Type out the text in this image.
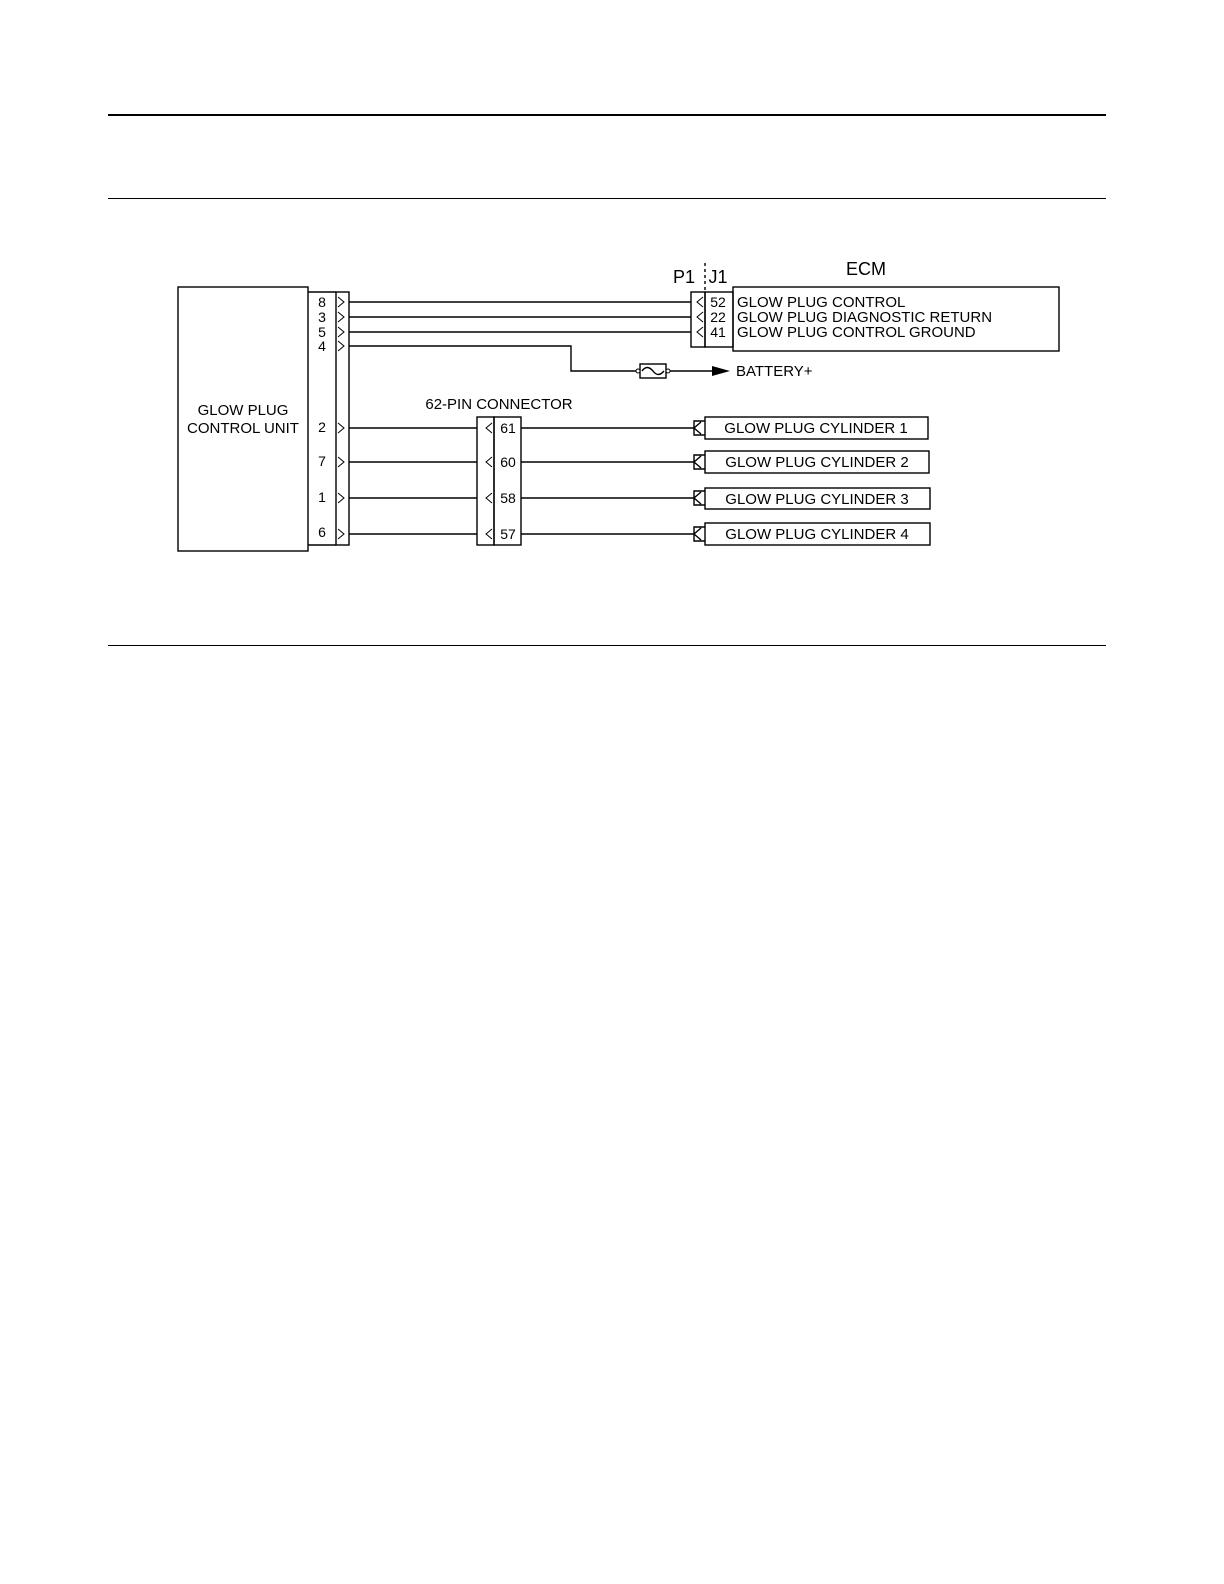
GLOW PLUG
CONTROL UNIT
8
3
5
4
2
7
1
6
ECM
P1 J1
52
22
41
GLOW PLUG CONTROL
GLOW PLUG DIAGNOSTIC RETURN
GLOW PLUG CONTROL GROUND
BATTERY+
62-PIN CONNECTOR
61
60
58
57
GLOW PLUG CYLINDER 1
GLOW PLUG CYLINDER 2
GLOW PLUG CYLINDER 3
GLOW PLUG CYLINDER 4
